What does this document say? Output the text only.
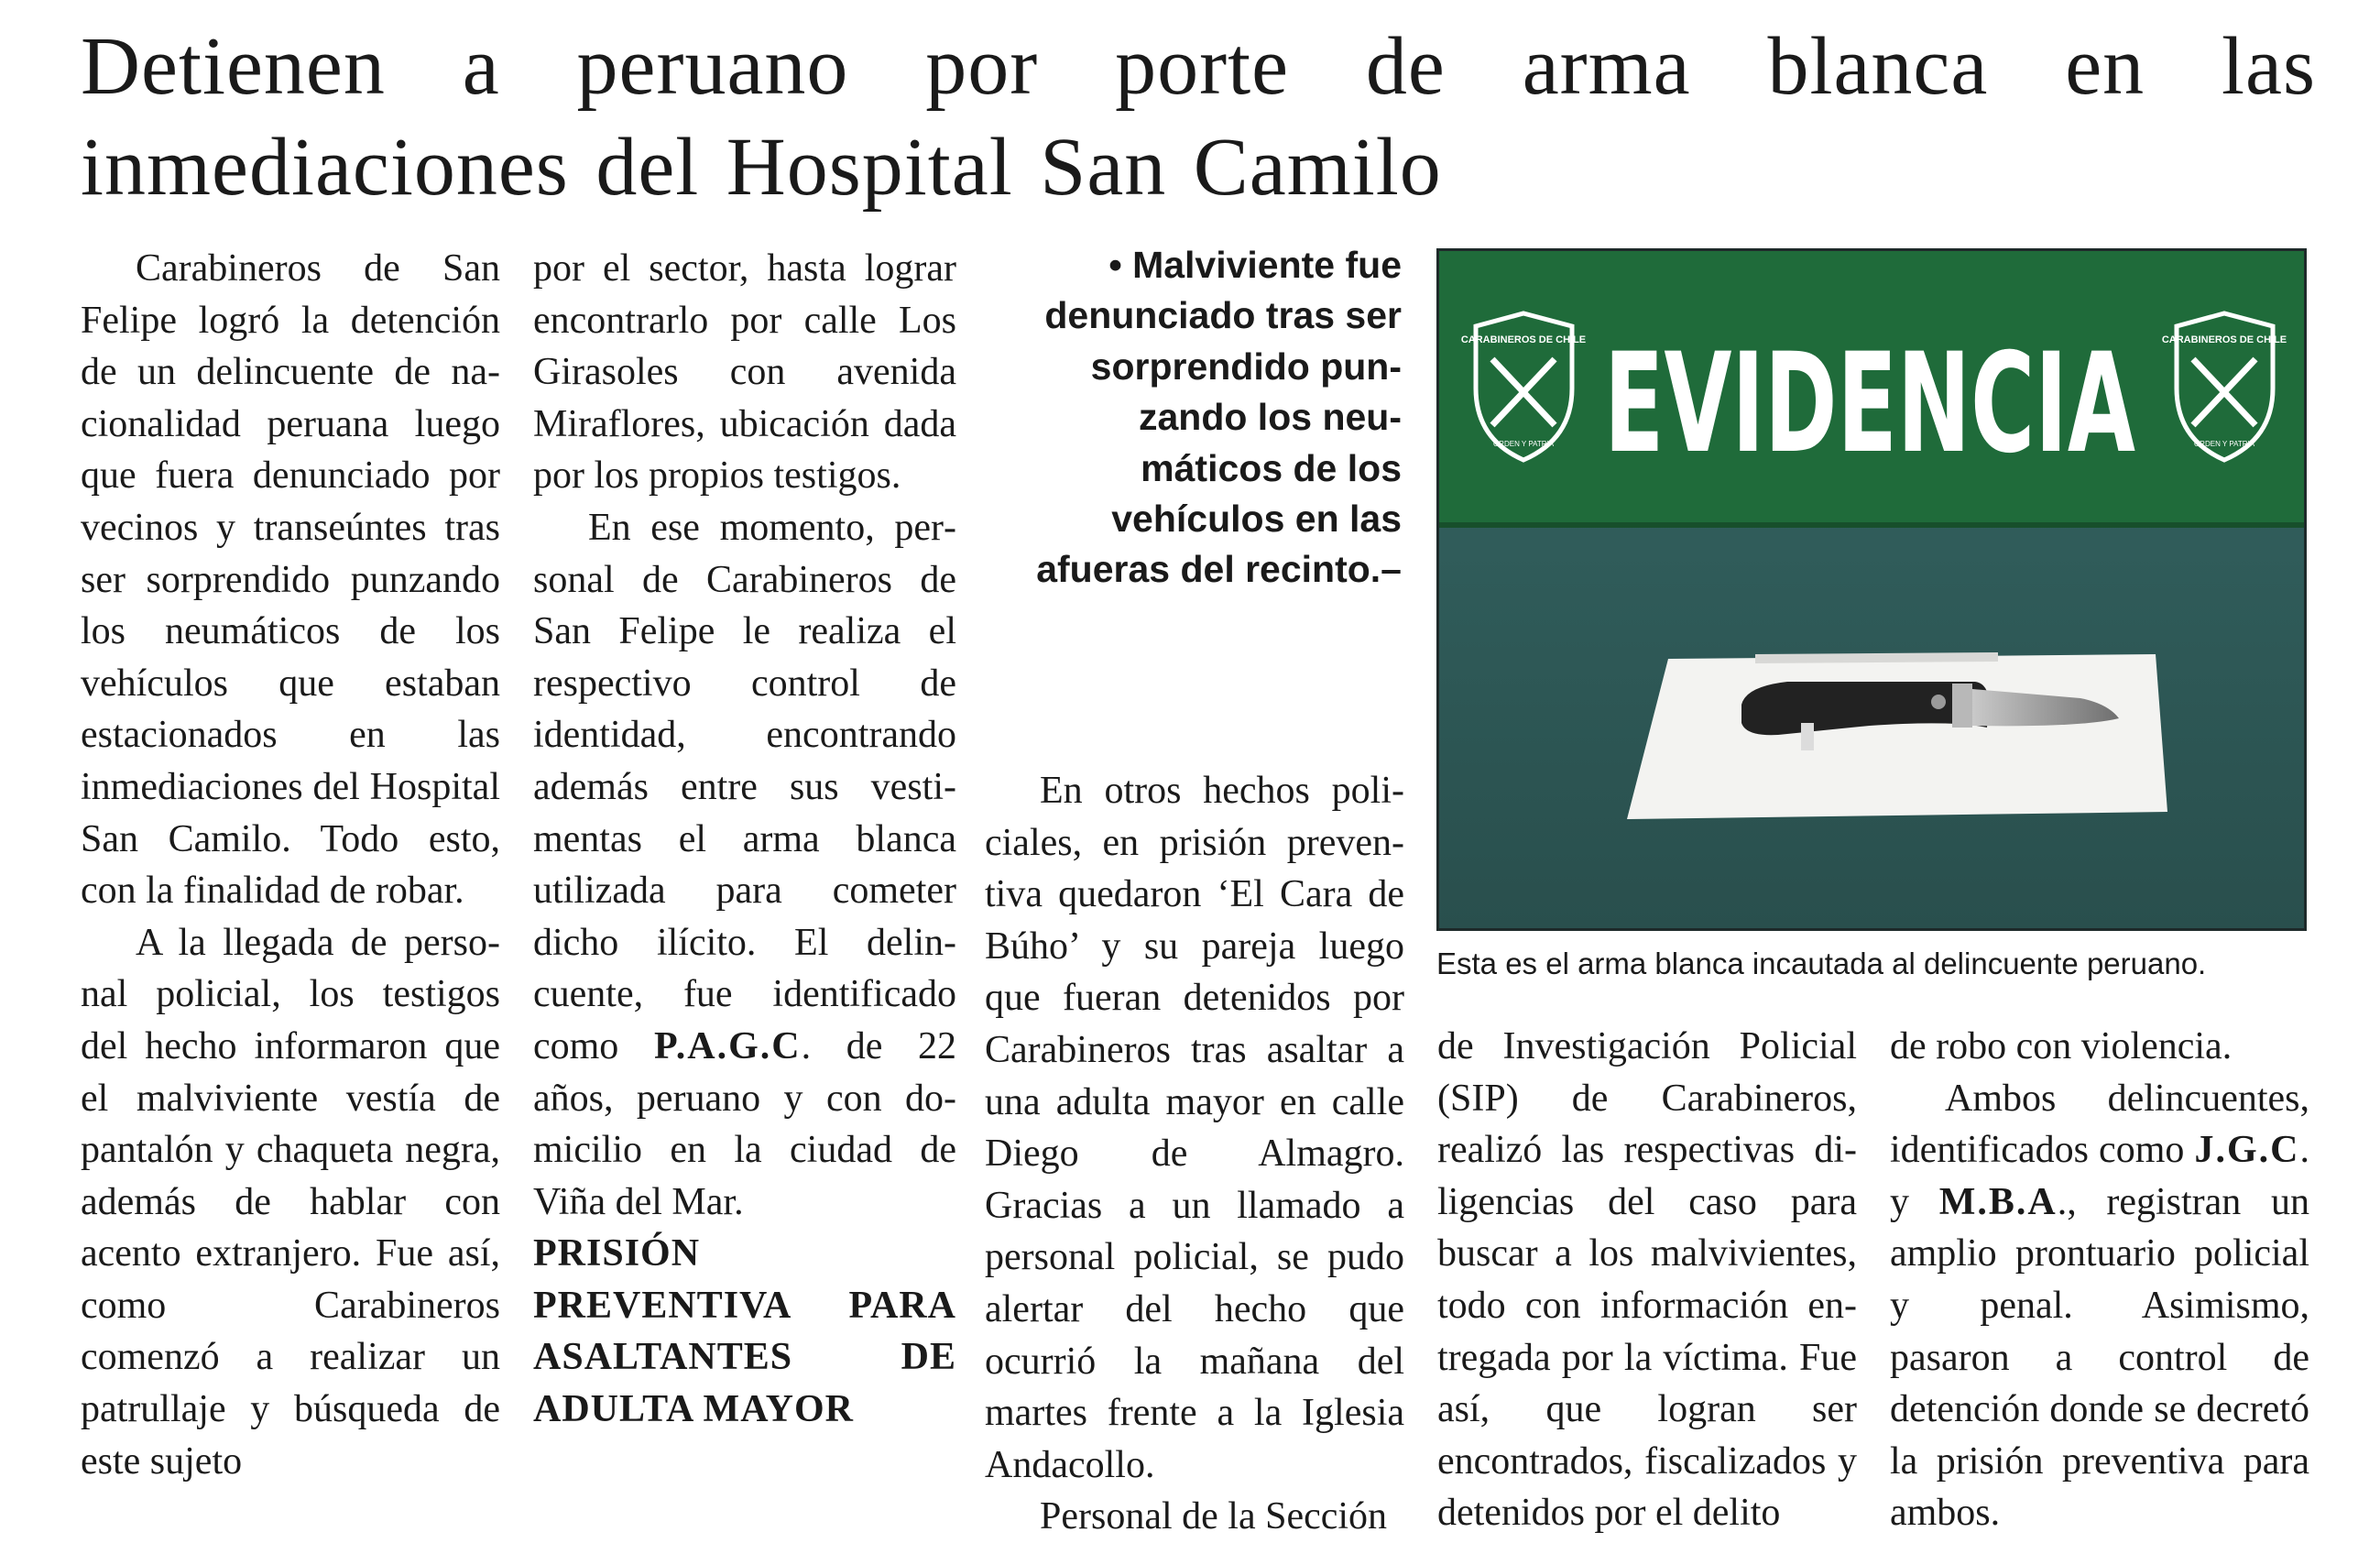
Detienen a peruano por porte de arma blanca en las inmediaciones del Hospital San Camilo

Carabineros de San Felipe logró la detención de un delincuente de nacionalidad peruana luego que fuera denunciado por vecinos y transeúntes tras ser sorprendido punzando los neumáticos de los vehículos que estaban estacionados en las inmediaciones del Hospital San Camilo. Todo esto, con la finalidad de robar.

A la llegada de personal policial, los testigos del hecho informaron que el malviviente vestía de pantalón y chaqueta negra, además de hablar con acento extranjero. Fue así, como Carabineros comenzó a realizar un patrullaje y búsqueda de este sujeto

por el sector, hasta lograr encontrarlo por calle Los Girasoles con avenida Miraflores, ubicación dada por los propios testigos.

En ese momento, personal de Carabineros de San Felipe le realiza el respectivo control de identidad, encontrando además entre sus vestimentas el arma blanca utilizada para cometer dicho ilícito. El delincuente, fue identificado como P.A.G.C. de 22 años, peruano y con domicilio en la ciudad de Viña del Mar.

PRISIÓN PREVENTIVA PARA ASALTANTES DE ADULTA MAYOR

• Malviviente fue denunciado tras ser sorprendido punzando los neumáticos de los vehículos en las afueras del recinto.–

CARABINEROS DE CHILE
ORDEN Y PATRIA EVIDENCIA	CARABINEROS DE CHILE
ORDEN Y PATRIA

Esta es el arma blanca incautada al delincuente peruano.

En otros hechos policiales, en prisión preventiva quedaron ‘El Cara de Búho’ y su pareja luego que fueran detenidos por Carabineros tras asaltar a una adulta mayor en calle Diego de Almagro. Gracias a un llamado a personal policial, se pudo alertar del hecho que ocurrió la mañana del martes frente a la Iglesia Andacollo.

Personal de la Sección

de Investigación Policial (SIP) de Carabineros, realizó las respectivas diligencias del caso para buscar a los malvivientes, todo con información entregada por la víctima. Fue así, que logran ser encontrados, fiscalizados y detenidos por el delito

de robo con violencia.

Ambos delincuentes, identificados como J.G.C. y M.B.A., registran un amplio prontuario policial y penal. Asimismo, pasaron a control de detención donde se decretó la prisión preventiva para ambos.
